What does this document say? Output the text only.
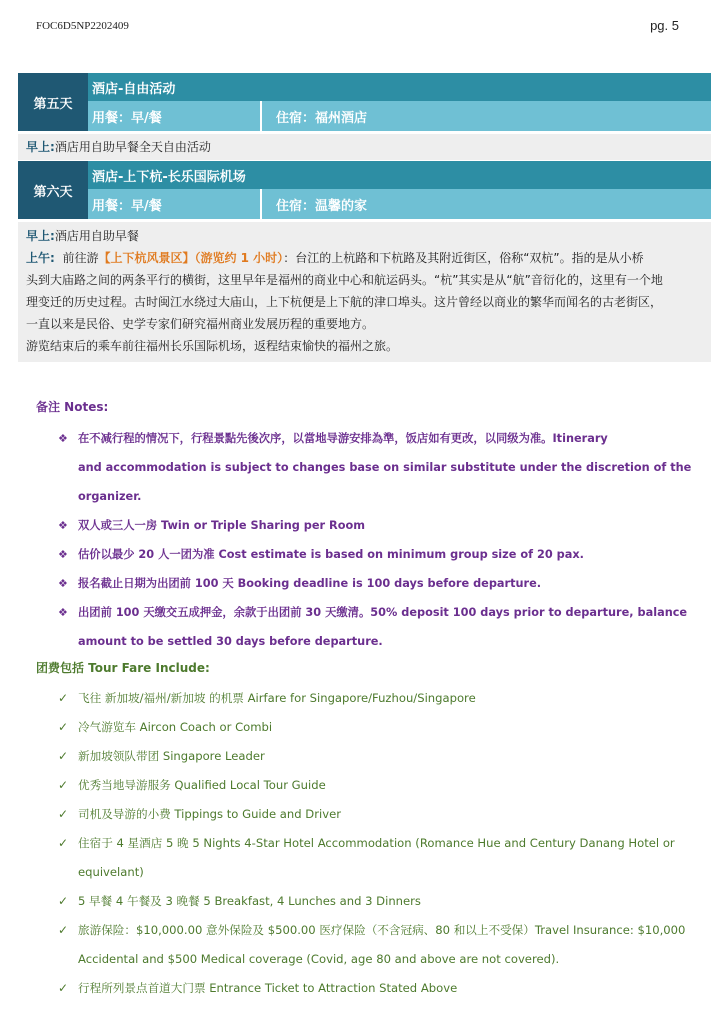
FOC6D5NP2202409	pg. 5
第五天
酒店-自由活动
用餐：早/餐	住宿：福州酒店

早上:酒店用自助早餐全天自由活动

第六天
酒店-上下杭-长乐国际机场
用餐：早/餐	住宿：温馨的家

早上:酒店用自助早餐

上午: 前往游【上下杭风景区】（游览约 1 小时）：台江的上杭路和下杭路及其附近街区，俗称“双杭”。指的是从小桥

头到大庙路之间的两条平行的横街，这里早年是福州的商业中心和航运码头。“杭”其实是从“航”音衍化的，这里有一个地

理变迁的历史过程。古时闽江水绕过大庙山，上下杭便是上下航的津口埠头。这片曾经以商业的繁华而闻名的古老街区，

一直以来是民俗、史学专家们研究福州商业发展历程的重要地方。

游览结束后的乘车前往福州长乐国际机场，返程结束愉快的福州之旅。

备注 Notes:
❖ 在不减行程的情况下，行程景點先後次序，以當地导游安排為準，饭店如有更改，以同级为准。Itinerary
and accommodation is subject to changes base on similar substitute under the discretion of the organizer.
❖ 双人或三人一房 Twin or Triple Sharing per Room
❖ 估价以最少 20 人一团为准 Cost estimate is based on minimum group size of 20 pax.
❖ 报名截止日期为出团前 100 天 Booking deadline is 100 days before departure.
❖ 出团前 100 天缴交五成押金，余款于出团前 30 天缴清。50% deposit 100 days prior to departure, balance
amount to be settled 30 days before departure.
团费包括 Tour Fare Include:
✓ 飞往 新加坡/福州/新加坡 的机票 Airfare for Singapore/Fuzhou/Singapore
✓ 冷气游览车 Aircon Coach or Combi
✓ 新加坡领队带团 Singapore Leader
✓ 优秀当地导游服务 Qualified Local Tour Guide
✓ 司机及导游的小费 Tippings to Guide and Driver
✓ 住宿于 4 星酒店 5 晚 5 Nights 4-Star Hotel Accommodation (Romance Hue and Century Danang Hotel or
equivelant)
✓ 5 早餐 4 午餐及 3 晚餐 5 Breakfast, 4 Lunches and 3 Dinners
✓ 旅游保险：$10,000.00 意外保险及 $500.00 医疗保险（不含冠病、80 和以上不受保）Travel Insurance: $10,000
Accidental and $500 Medical coverage (Covid, age 80 and above are not covered).
✓ 行程所列景点首道大门票 Entrance Ticket to Attraction Stated Above
